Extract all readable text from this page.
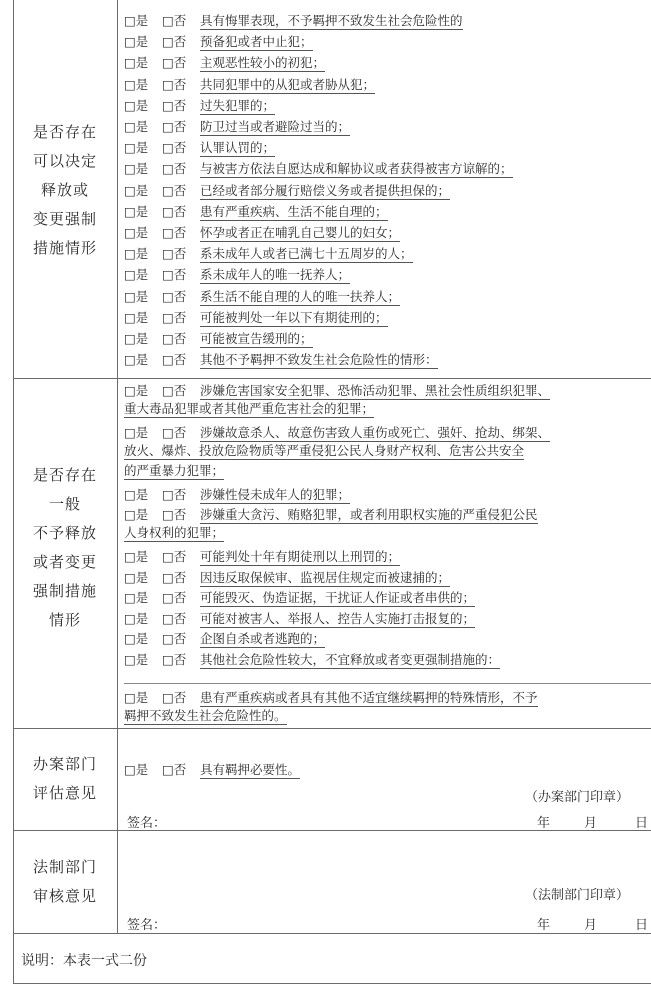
是否存在
可以决定
释放或
变更强制
措施情形
□是 □否 具有悔罪表现，不予羁押不致发生社会危险性的
□是 □否 预备犯或者中止犯；
□是 □否 主观恶性较小的初犯；
□是 □否 共同犯罪中的从犯或者胁从犯；
□是 □否 过失犯罪的；
□是 □否 防卫过当或者避险过当的；
□是 □否 认罪认罚的；
□是 □否 与被害方依法自愿达成和解协议或者获得被害方谅解的；
□是 □否 已经或者部分履行赔偿义务或者提供担保的；
□是 □否 患有严重疾病、生活不能自理的；
□是 □否 怀孕或者正在哺乳自己婴儿的妇女；
□是 □否 系未成年人或者已满七十五周岁的人；
□是 □否 系未成年人的唯一抚养人；
□是 □否 系生活不能自理的人的唯一扶养人；
□是 □否 可能被判处一年以下有期徒刑的；
□是 □否 可能被宣告缓刑的；
□是 □否 其他不予羁押不致发生社会危险性的情形：
是否存在
一般
不予释放
或者变更
强制措施
情形
□是 □否 涉嫌危害国家安全犯罪、恐怖活动犯罪、黑社会性质组织犯罪、
重大毒品犯罪或者其他严重危害社会的犯罪；
□是 □否 涉嫌故意杀人、故意伤害致人重伤或死亡、强奸、抢劫、绑架、
放火、爆炸、投放危险物质等严重侵犯公民人身财产权利、危害公共安全
的严重暴力犯罪；
□是 □否 涉嫌性侵未成年人的犯罪；
□是 □否 涉嫌重大贪污、贿赂犯罪，或者利用职权实施的严重侵犯公民
人身权利的犯罪；
□是 □否 可能判处十年有期徒刑以上刑罚的；
□是 □否 因违反取保候审、监视居住规定而被逮捕的；
□是 □否 可能毁灭、伪造证据，干扰证人作证或者串供的；
□是 □否 可能对被害人、举报人、控告人实施打击报复的；
□是 □否 企图自杀或者逃跑的；
□是 □否 其他社会危险性较大，不宜释放或者变更强制措施的：
□是 □否 患有严重疾病或者具有其他不适宜继续羁押的特殊情形，不予
羁押不致发生社会危险性的。
办案部门
评估意见
□是 □否 具有羁押必要性。
（办案部门印章）
签名：	年	月	日
法制部门
审核意见	（法制部门印章）
签名：	年	月	日
说明：本表一式二份
